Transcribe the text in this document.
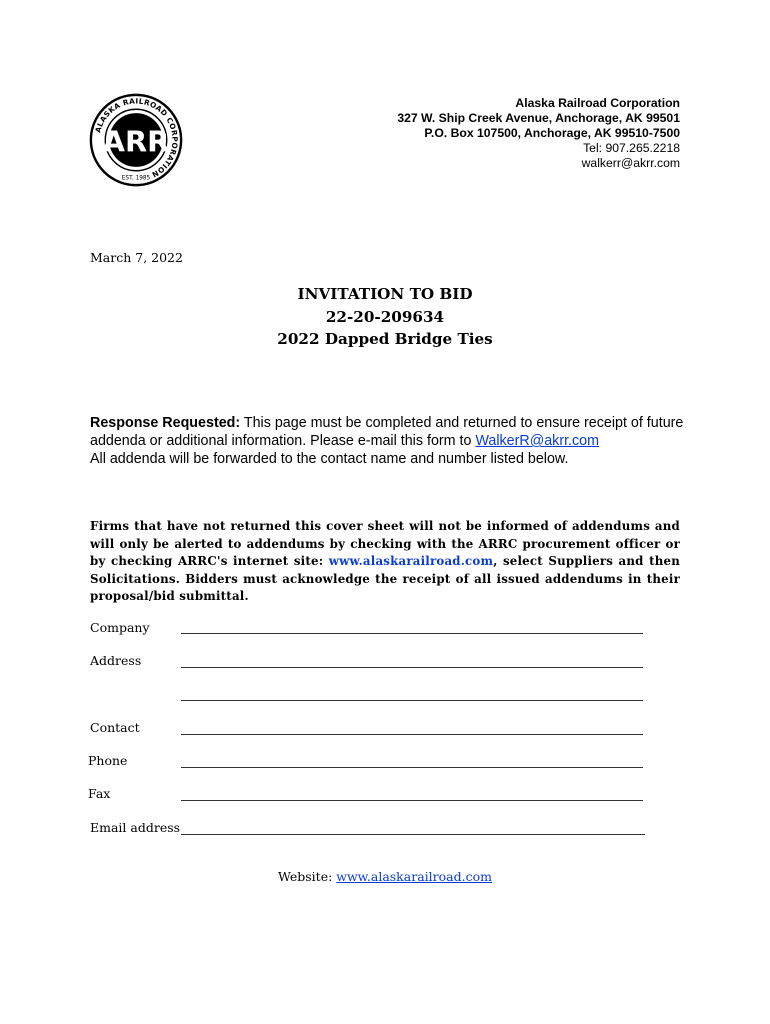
ALASKA RAILROAD CORPORATION
ARR
EST. 1985
Alaska Railroad Corporation
327 W. Ship Creek Avenue, Anchorage, AK 99501
P.O. Box 107500, Anchorage, AK 99510-7500
Tel: 907.265.2218
walkerr@akrr.com
March 7, 2022
INVITATION TO BID
22-20-209634
2022 Dapped Bridge Ties
Response Requested: This page must be completed and returned to ensure receipt of future addenda or additional information. Please e-mail this form to WalkerR@akrr.com
All addenda will be forwarded to the contact name and number listed below.
Firms that have not returned this cover sheet will not be informed of addendums and will only be alerted to addendums by checking with the ARRC procurement officer or by checking ARRC's internet site: www.alaskarailroad.com, select Suppliers and then Solicitations. Bidders must acknowledge the receipt of all issued addendums in their proposal/bid submittal.
Company
Address
Contact
Phone
Fax
Email address
Website: www.alaskarailroad.com
